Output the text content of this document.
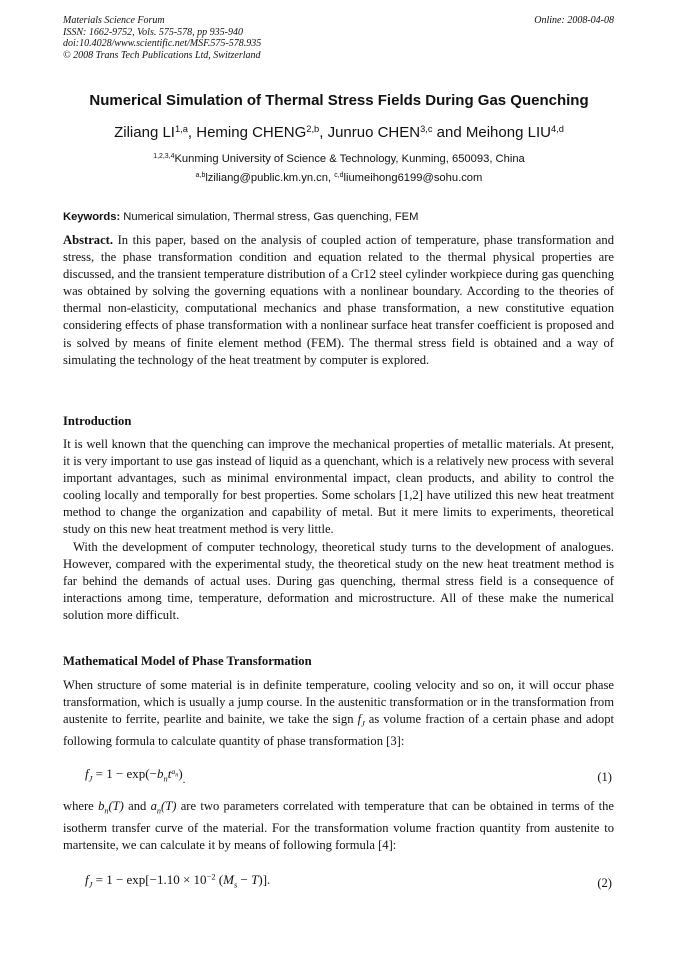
Materials Science Forum
ISSN: 1662-9752, Vols. 575-578, pp 935-940
doi:10.4028/www.scientific.net/MSF.575-578.935
© 2008 Trans Tech Publications Ltd, Switzerland
Online: 2008-04-08
Numerical Simulation of Thermal Stress Fields During Gas Quenching
Ziliang LI$^{1,a}$, Heming CHENG$^{2,b}$, Junruo CHEN$^{3,c}$ and Meihong LIU$^{4,d}$
$^{1,2,3,4}$Kunming University of Science & Technology, Kunming, 650093, China
$^{a,b}$lziliang@public.km.yn.cn, $^{c,d}$liumeihong6199@sohu.com
Keywords: Numerical simulation, Thermal stress, Gas quenching, FEM

Abstract. In this paper, based on the analysis of coupled action of temperature, phase transformation and stress, the phase transformation condition and equation related to the thermal physical properties are discussed, and the transient temperature distribution of a Cr12 steel cylinder workpiece during gas quenching was obtained by solving the governing equations with a nonlinear boundary. According to the theories of thermal non-elasticity, computational mechanics and phase transformation, a new constitutive equation considering effects of phase transformation with a nonlinear surface heat transfer coefficient is proposed and is solved by means of finite element method (FEM). The thermal stress field is obtained and a way of simulating the technology of the heat treatment by computer is explored.

Introduction

It is well known that the quenching can improve the mechanical properties of metallic materials. At present, it is very important to use gas instead of liquid as a quenchant, which is a relatively new process with several important advantages, such as minimal environmental impact, clean products, and ability to control the cooling locally and temporally for best properties. Some scholars [1,2] have utilized this new heat treatment method to change the organization and capability of metal. But it mere limits to experiments, theoretical study on this new heat treatment method is very little.

With the development of computer technology, theoretical study turns to the development of analogues. However, compared with the experimental study, the theoretical study on the new heat treatment method is far behind the demands of actual uses. During gas quenching, thermal stress field is a consequence of interactions among time, temperature, deformation and microstructure. All of these make the numerical solution more difficult.

Mathematical Model of Phase Transformation

When structure of some material is in definite temperature, cooling velocity and so on, it will occur phase transformation, which is usually a jump course. In the austenitic transformation or in the transformation from austenite to ferrite, pearlite and bainite, we take the sign $f_J$ as volume fraction of a certain phase and adopt following formula to calculate quantity of phase transformation [3]:

$f_J = 1 - \exp(-b_nt^{a_n})_.$	(1)

where $b_n(T)$ and $a_n(T)$ are two parameters correlated with temperature that can be obtained in terms of the isotherm transfer curve of the material. For the transformation volume fraction quantity from austenite to martensite, we can calculate it by means of following formula [4]:

$f_J = 1 - \exp[-1.10 \times 10^{-2}$ $(M_s - T)$].	(2)
